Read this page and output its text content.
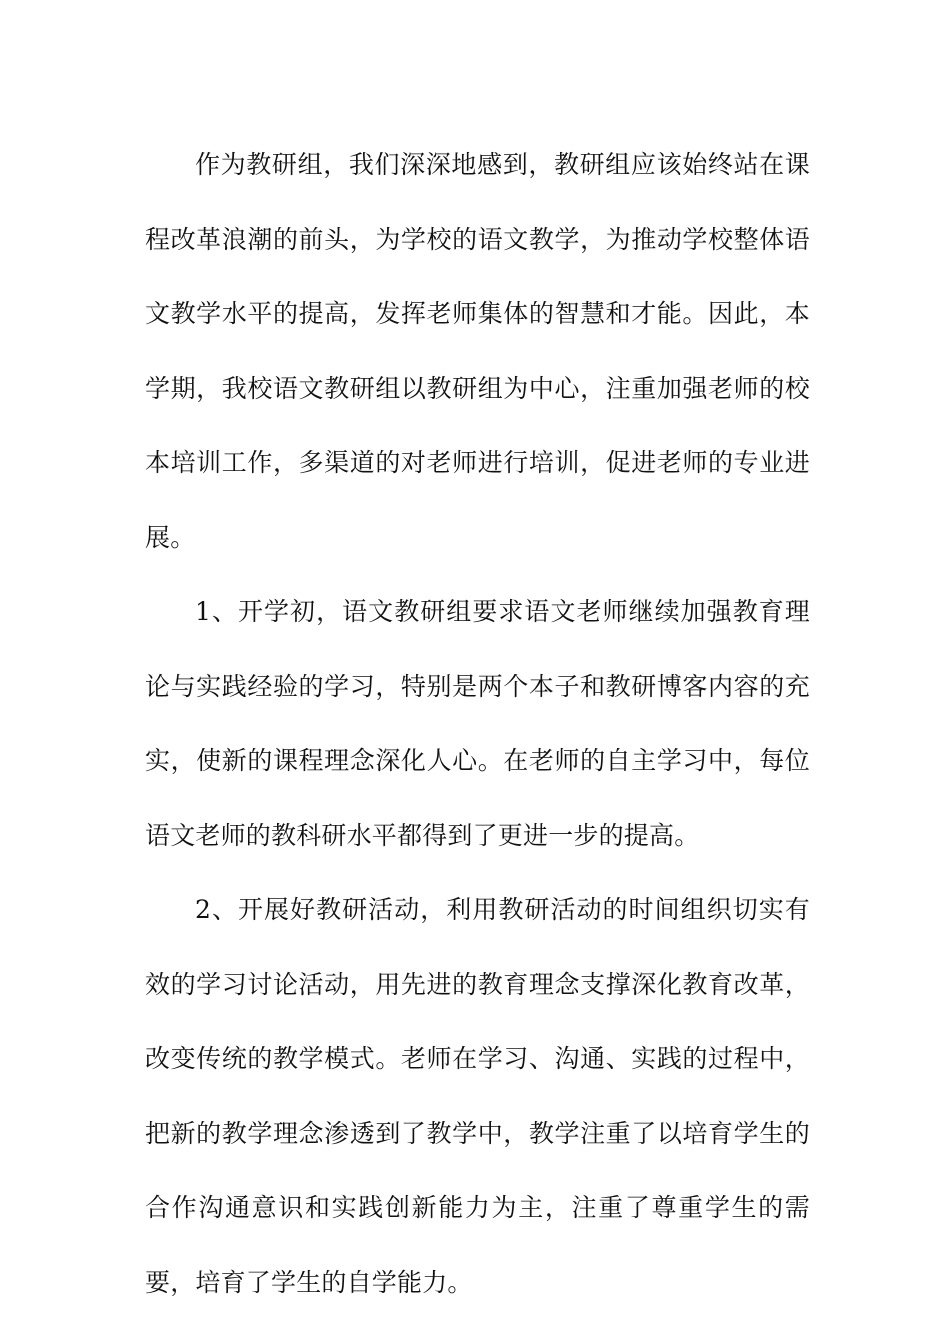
作为教研组，我们深深地感到，教研组应该始终站在课程改革浪潮的前头，为学校的语文教学，为推动学校整体语文教学水平的提高，发挥老师集体的智慧和才能。因此，本学期，我校语文教研组以教研组为中心，注重加强老师的校本培训工作，多渠道的对老师进行培训，促进老师的专业进展。

1、开学初，语文教研组要求语文老师继续加强教育理论与实践经验的学习，特别是两个本子和教研博客内容的充实，使新的课程理念深化人心。在老师的自主学习中，每位语文老师的教科研水平都得到了更进一步的提高。

2、开展好教研活动，利用教研活动的时间组织切实有效的学习讨论活动，用先进的教育理念支撑深化教育改革，改变传统的教学模式。老师在学习、沟通、实践的过程中，把新的教学理念渗透到了教学中，教学注重了以培育学生的合作沟通意识和实践创新能力为主，注重了尊重学生的需要，培育了学生的自学能力。
